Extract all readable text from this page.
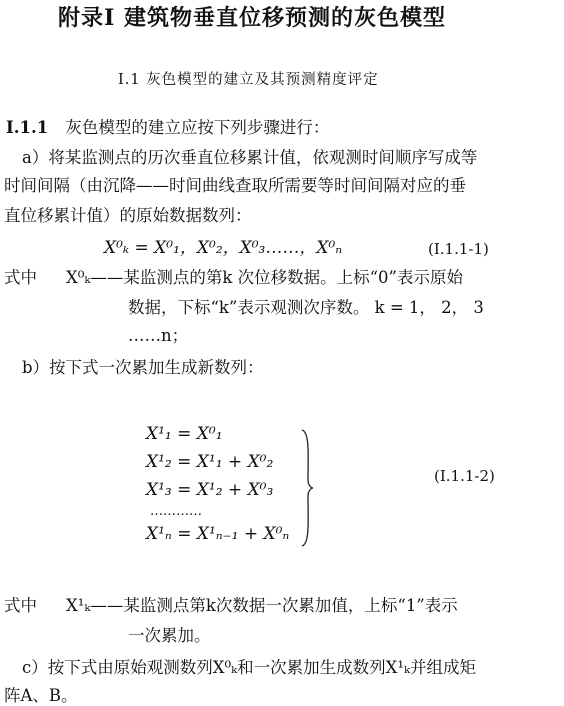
附录Ⅰ 建筑物垂直位移预测的灰色模型
Ⅰ.1 灰色模型的建立及其预测精度评定
Ⅰ.1.1 灰色模型的建立应按下列步骤进行：
a）将某监测点的历次垂直位移累计值，依观测时间顺序写成等
时间间隔（由沉降——时间曲线查取所需要等时间间隔对应的垂
直位移累计值）的原始数据数列：
X⁰ₖ = X⁰₁，X⁰₂，X⁰₃……，X⁰ₙ	(Ⅰ.1.1-1)
式中 X⁰ₖ——某监测点的第k 次位移数据。上标“0”表示原始
数据，下标“k”表示观测次序数。 k = 1， 2， 3
……n；
b）按下式一次累加生成新数列：
X¹₁ = X⁰₁
X¹₂ = X¹₁ + X⁰₂
X¹₃ = X¹₂ + X⁰₃
…………
X¹ₙ = X¹ₙ₋₁ + X⁰ₙ
(Ⅰ.1.1-2)
式中 X¹ₖ——某监测点第k次数据一次累加值，上标“1”表示
一次累加。
c）按下式由原始观测数列X⁰ₖ和一次累加生成数列X¹ₖ并组成矩
阵A、B。
